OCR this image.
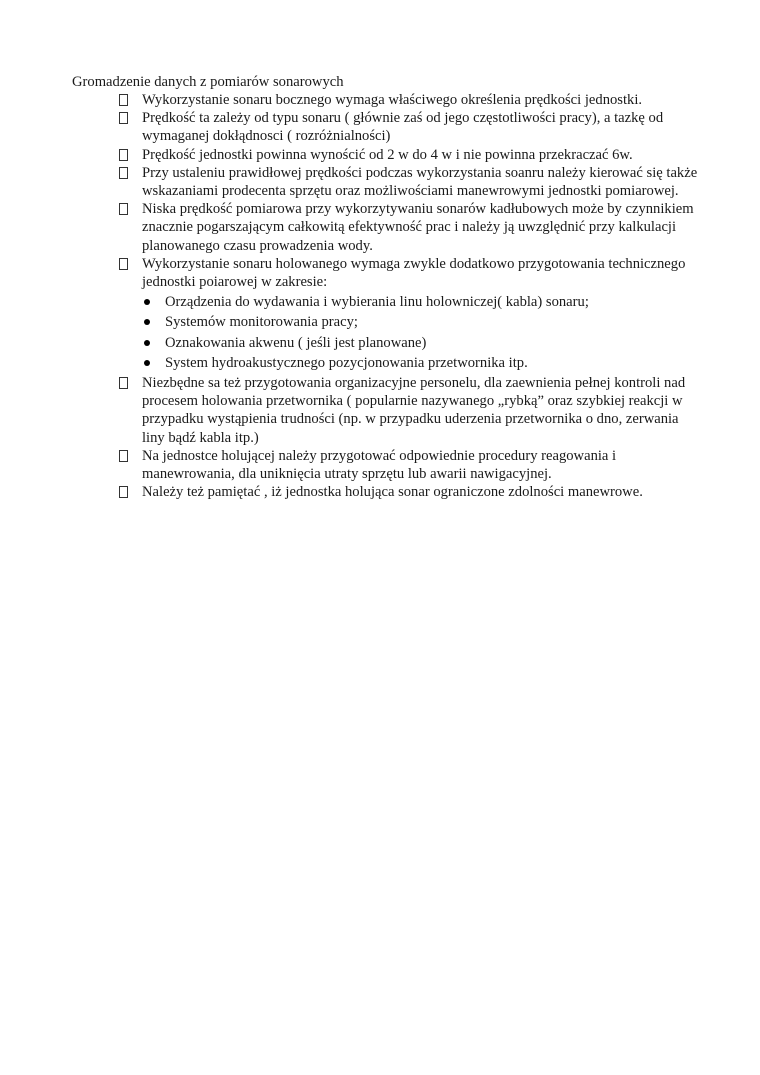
Gromadzenie danych z pomiarów sonarowych
Wykorzystanie sonaru bocznego wymaga właściwego określenia prędkości jednostki.
Prędkość ta zależy od typu sonaru ( głównie zaś od jego częstotliwości pracy), a tazkę od wymaganej dokłądnosci ( rozróżnialności)
Prędkość jednostki powinna wynościć od 2 w do 4 w i nie powinna przekraczać 6w.
Przy ustaleniu prawidłowej prędkości podczas wykorzystania soanru należy kierować się także wskazaniami prodecenta sprzętu oraz możliwościami manewrowymi jednostki pomiarowej.
Niska prędkość pomiarowa przy wykorzytywaniu sonarów kadłubowych może by czynnikiem znacznie pogarszającym całkowitą efektywność prac i należy ją uwzględnić przy kalkulacji planowanego czasu prowadzenia wody.
Wykorzystanie sonaru holowanego wymaga zwykle dodatkowo przygotowania technicznego jednostki poiarowej w zakresie:
Orządzenia do wydawania i wybierania linu holowniczej( kabla) sonaru;
Systemów monitorowania pracy;
Oznakowania akwenu ( jeśli jest planowane)
System hydroakustycznego pozycjonowania przetwornika itp.
Niezbędne sa też przygotowania organizacyjne personelu, dla zaewnienia pełnej kontroli nad procesem holowania przetwornika ( popularnie nazywanego „rybką” oraz szybkiej reakcji w przypadku wystąpienia trudności (np. w przypadku uderzenia przetwornika o dno, zerwania liny bądź kabla itp.)
Na jednostce holującej należy przygotować odpowiednie procedury reagowania i manewrowania, dla uniknięcia utraty sprzętu lub awarii nawigacyjnej.
Należy też pamiętać , iż jednostka holująca sonar ograniczone zdolności manewrowe.
